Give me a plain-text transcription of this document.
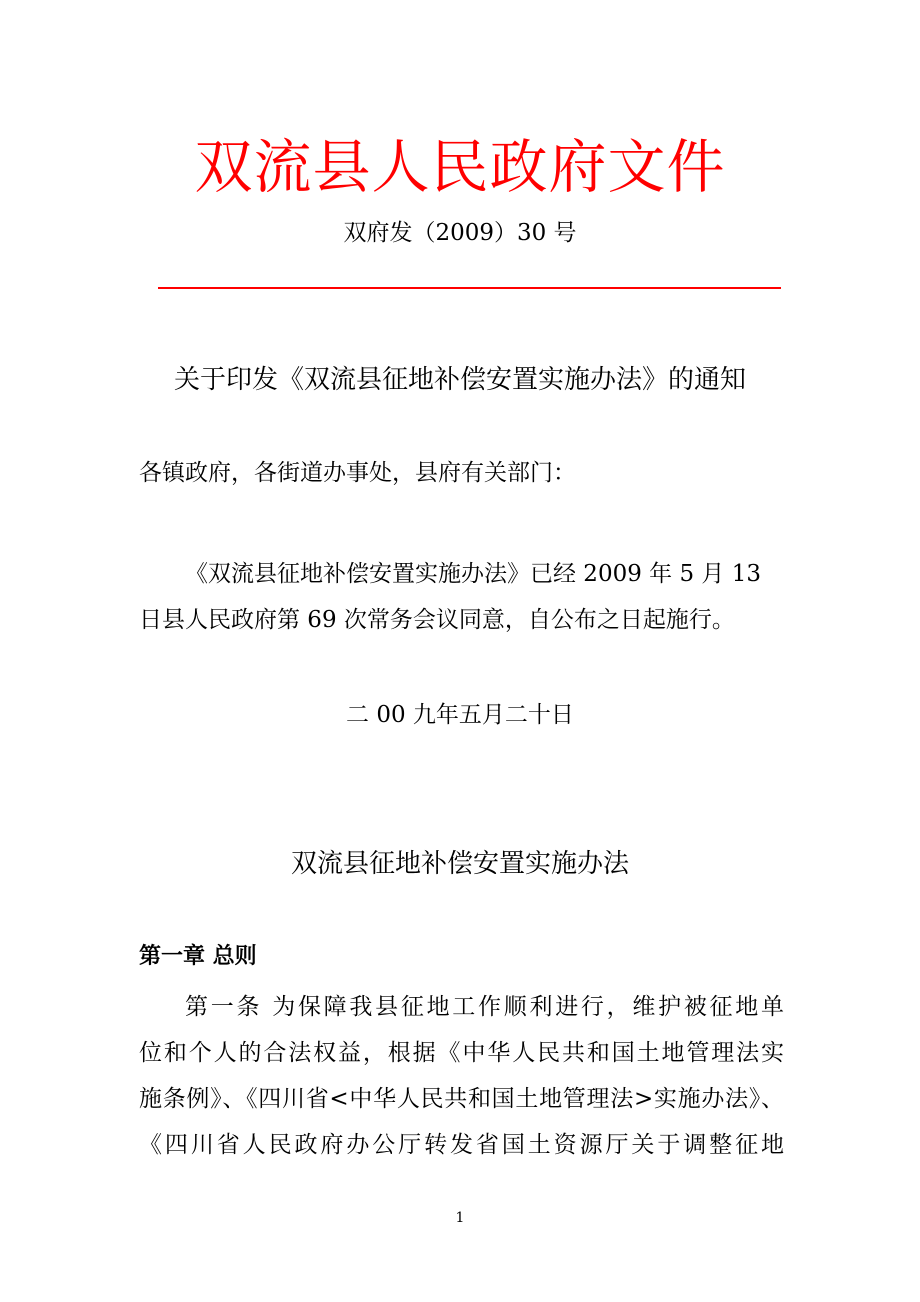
双流县人民政府文件
双府发（2009）30 号
关于印发《双流县征地补偿安置实施办法》的通知
各镇政府，各街道办事处，县府有关部门：
《双流县征地补偿安置实施办法》已经 2009 年 5 月 13
日县人民政府第 69 次常务会议同意，自公布之日起施行。
二 00 九年五月二十日
双流县征地补偿安置实施办法
第一章 总则
第一条 为保障我县征地工作顺利进行，维护被征地单
位和个人的合法权益，根据《中华人民共和国土地管理法实
施条例》、《四川省<中华人民共和国土地管理法>实施办法》、
《四川省人民政府办公厅转发省国土资源厅关于调整征地
1
